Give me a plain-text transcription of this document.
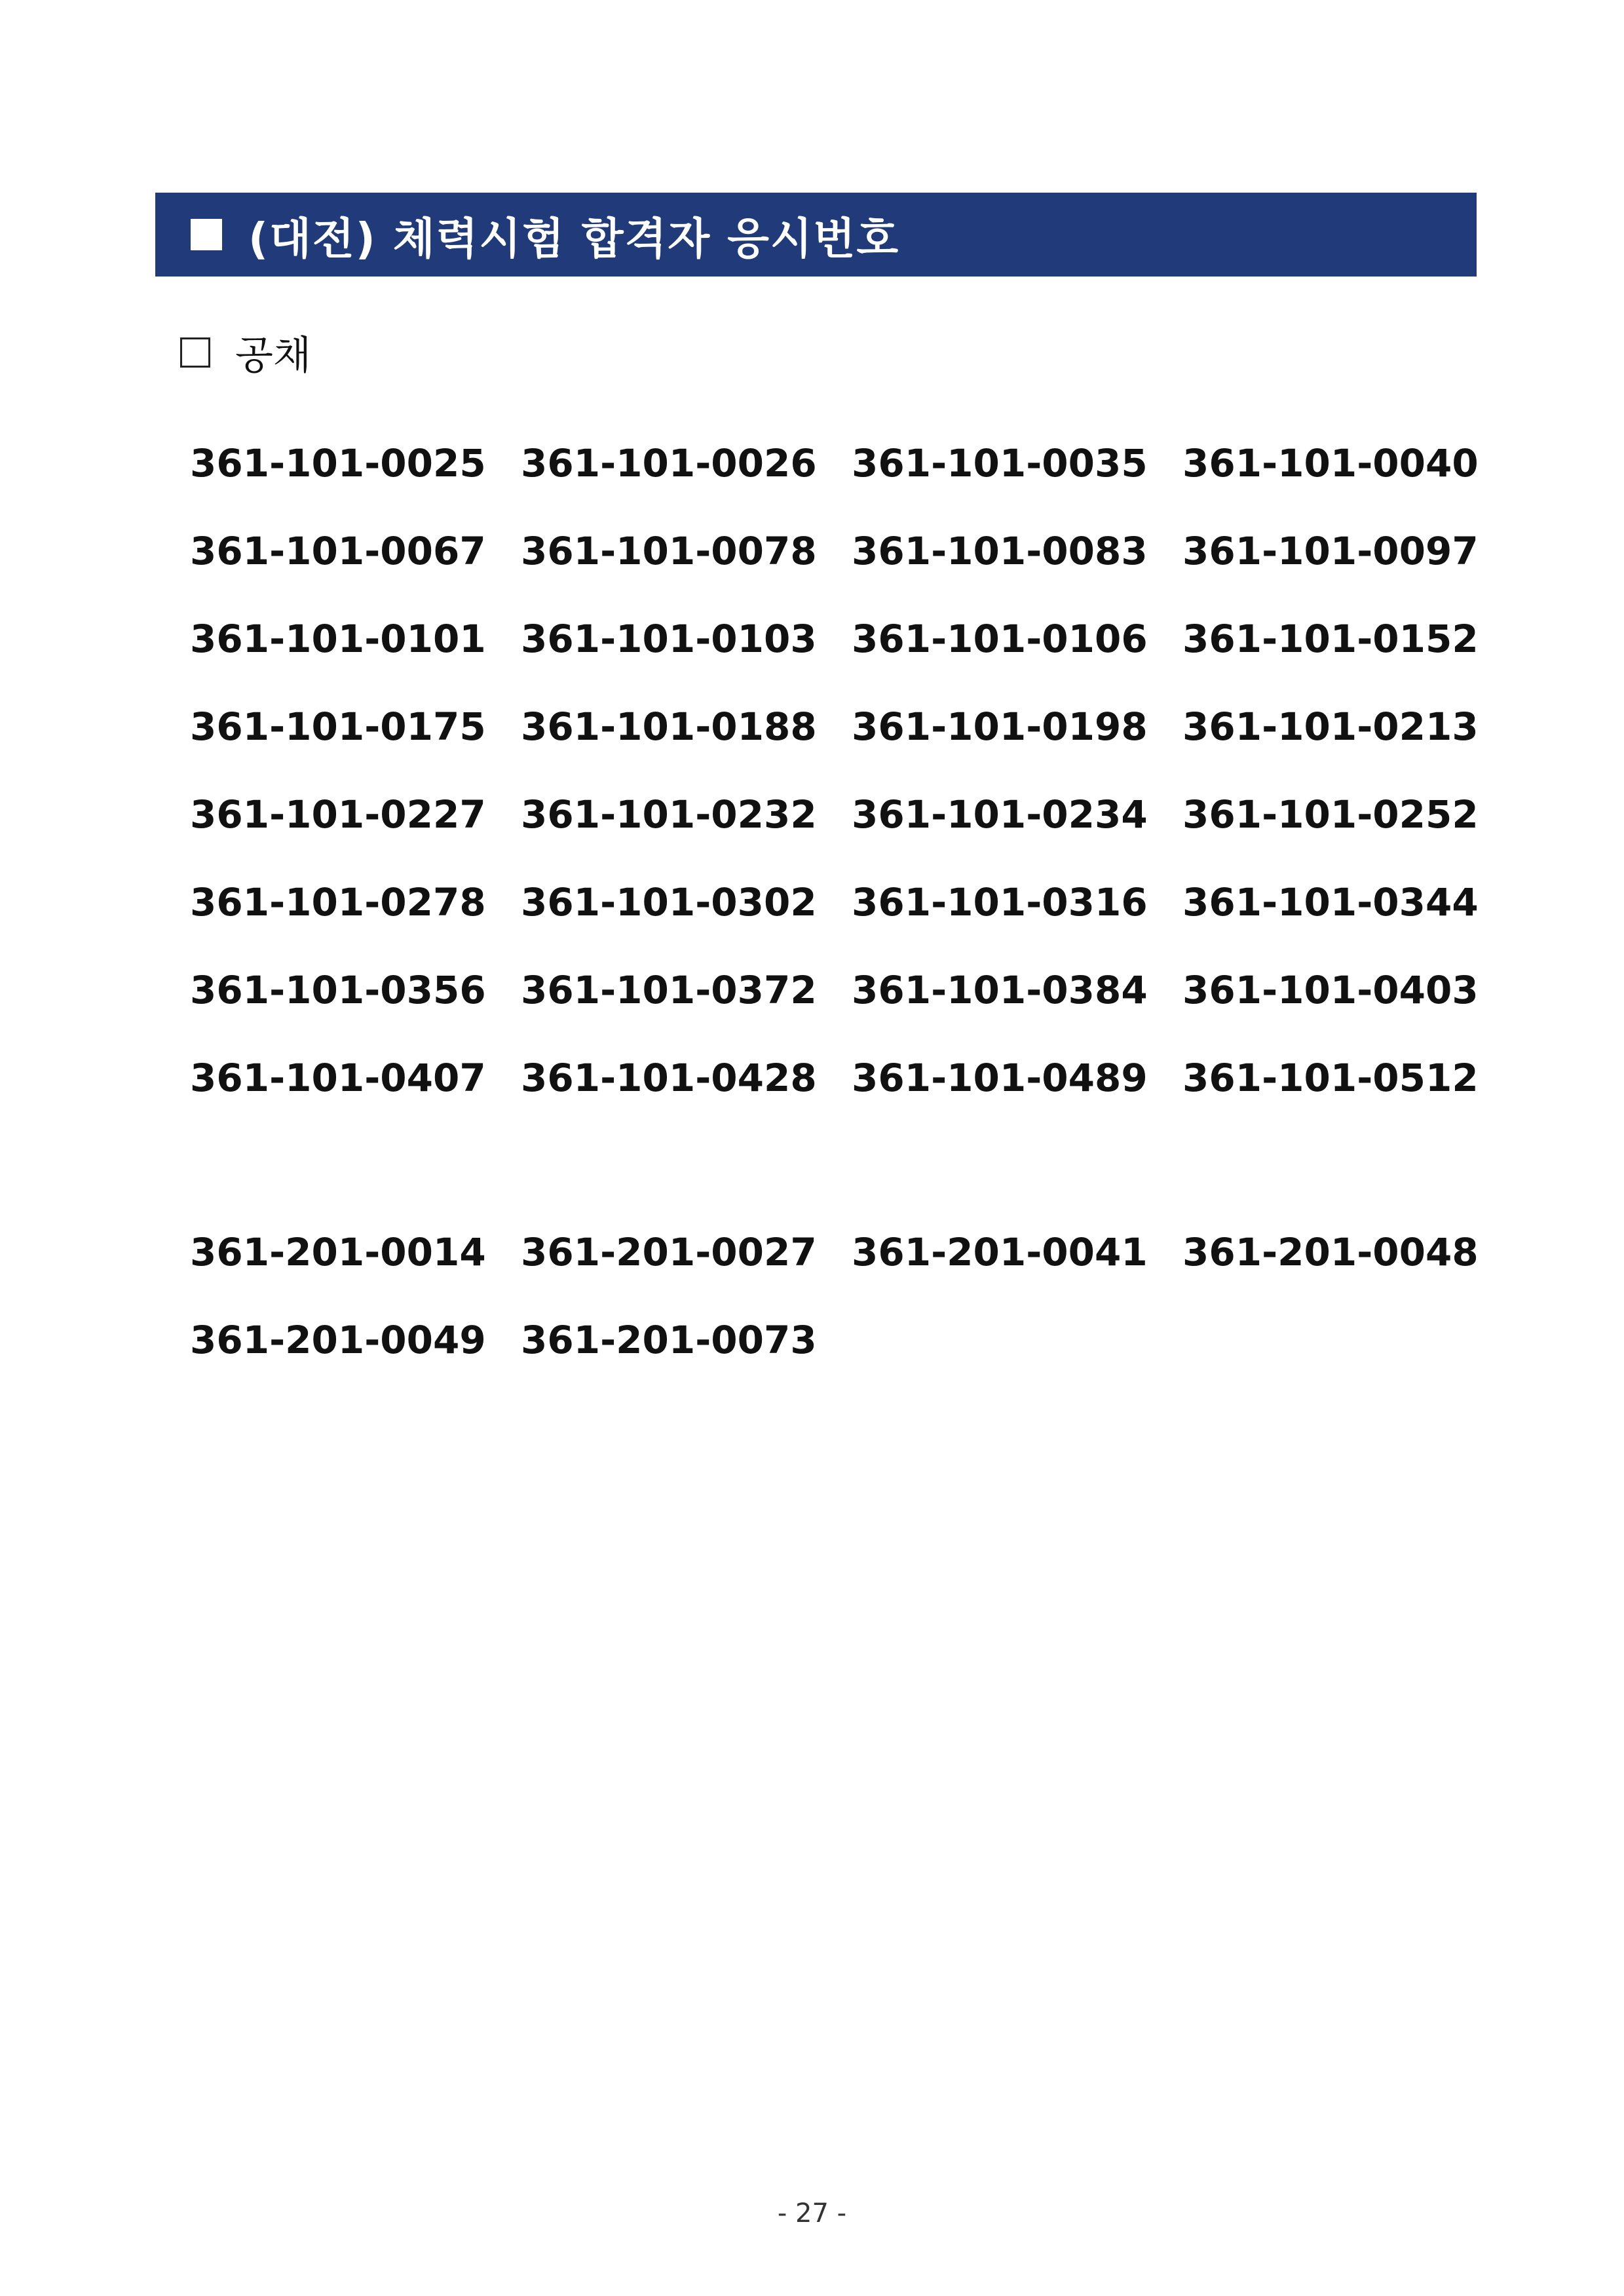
(대전) 체력시험 합격자 응시번호
공채
361-101-0025 361-101-0026 361-101-0035 361-101-0040
361-101-0067 361-101-0078 361-101-0083 361-101-0097
361-101-0101 361-101-0103 361-101-0106 361-101-0152
361-101-0175 361-101-0188 361-101-0198 361-101-0213
361-101-0227 361-101-0232 361-101-0234 361-101-0252
361-101-0278 361-101-0302 361-101-0316 361-101-0344
361-101-0356 361-101-0372 361-101-0384 361-101-0403
361-101-0407 361-101-0428 361-101-0489 361-101-0512
361-201-0014 361-201-0027 361-201-0041 361-201-0048
361-201-0049 361-201-0073
- 27 -
